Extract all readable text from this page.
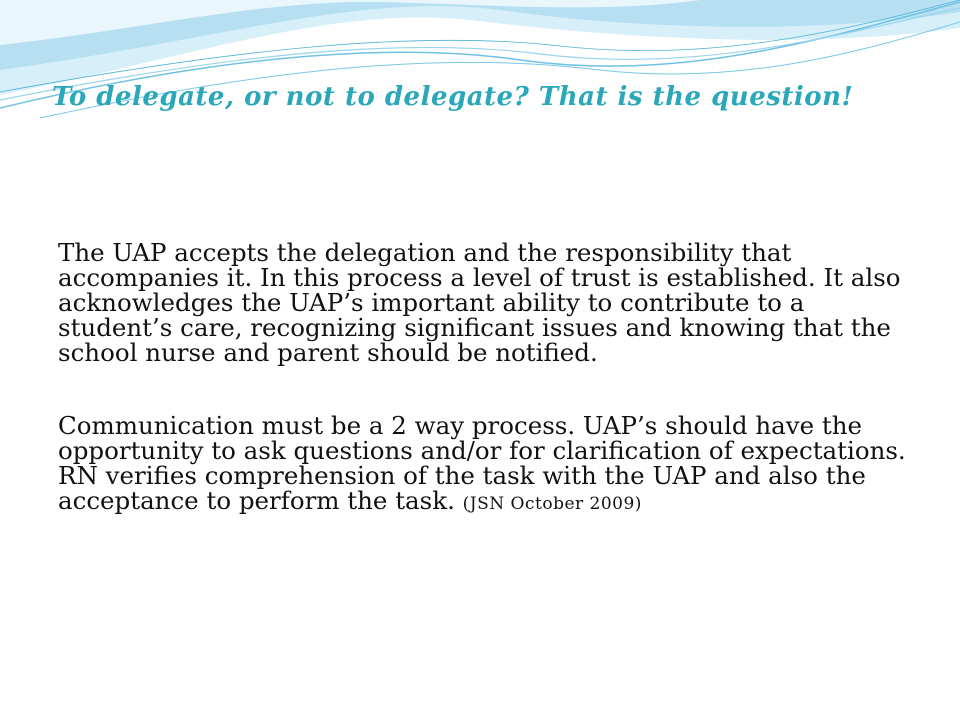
To delegate, or not to delegate? That is the question!

The UAP accepts the delegation and the responsibility that accompanies it. In this process a level of trust is established. It also acknowledges the UAP’s important ability to contribute to a student’s care, recognizing significant issues and knowing that the school nurse and parent should be notified.

Communication must be a 2 way process. UAP’s should have the opportunity to ask questions and/or for clarification of expectations. RN verifies comprehension of the task with the UAP and also the acceptance to perform the task. (JSN October 2009)
